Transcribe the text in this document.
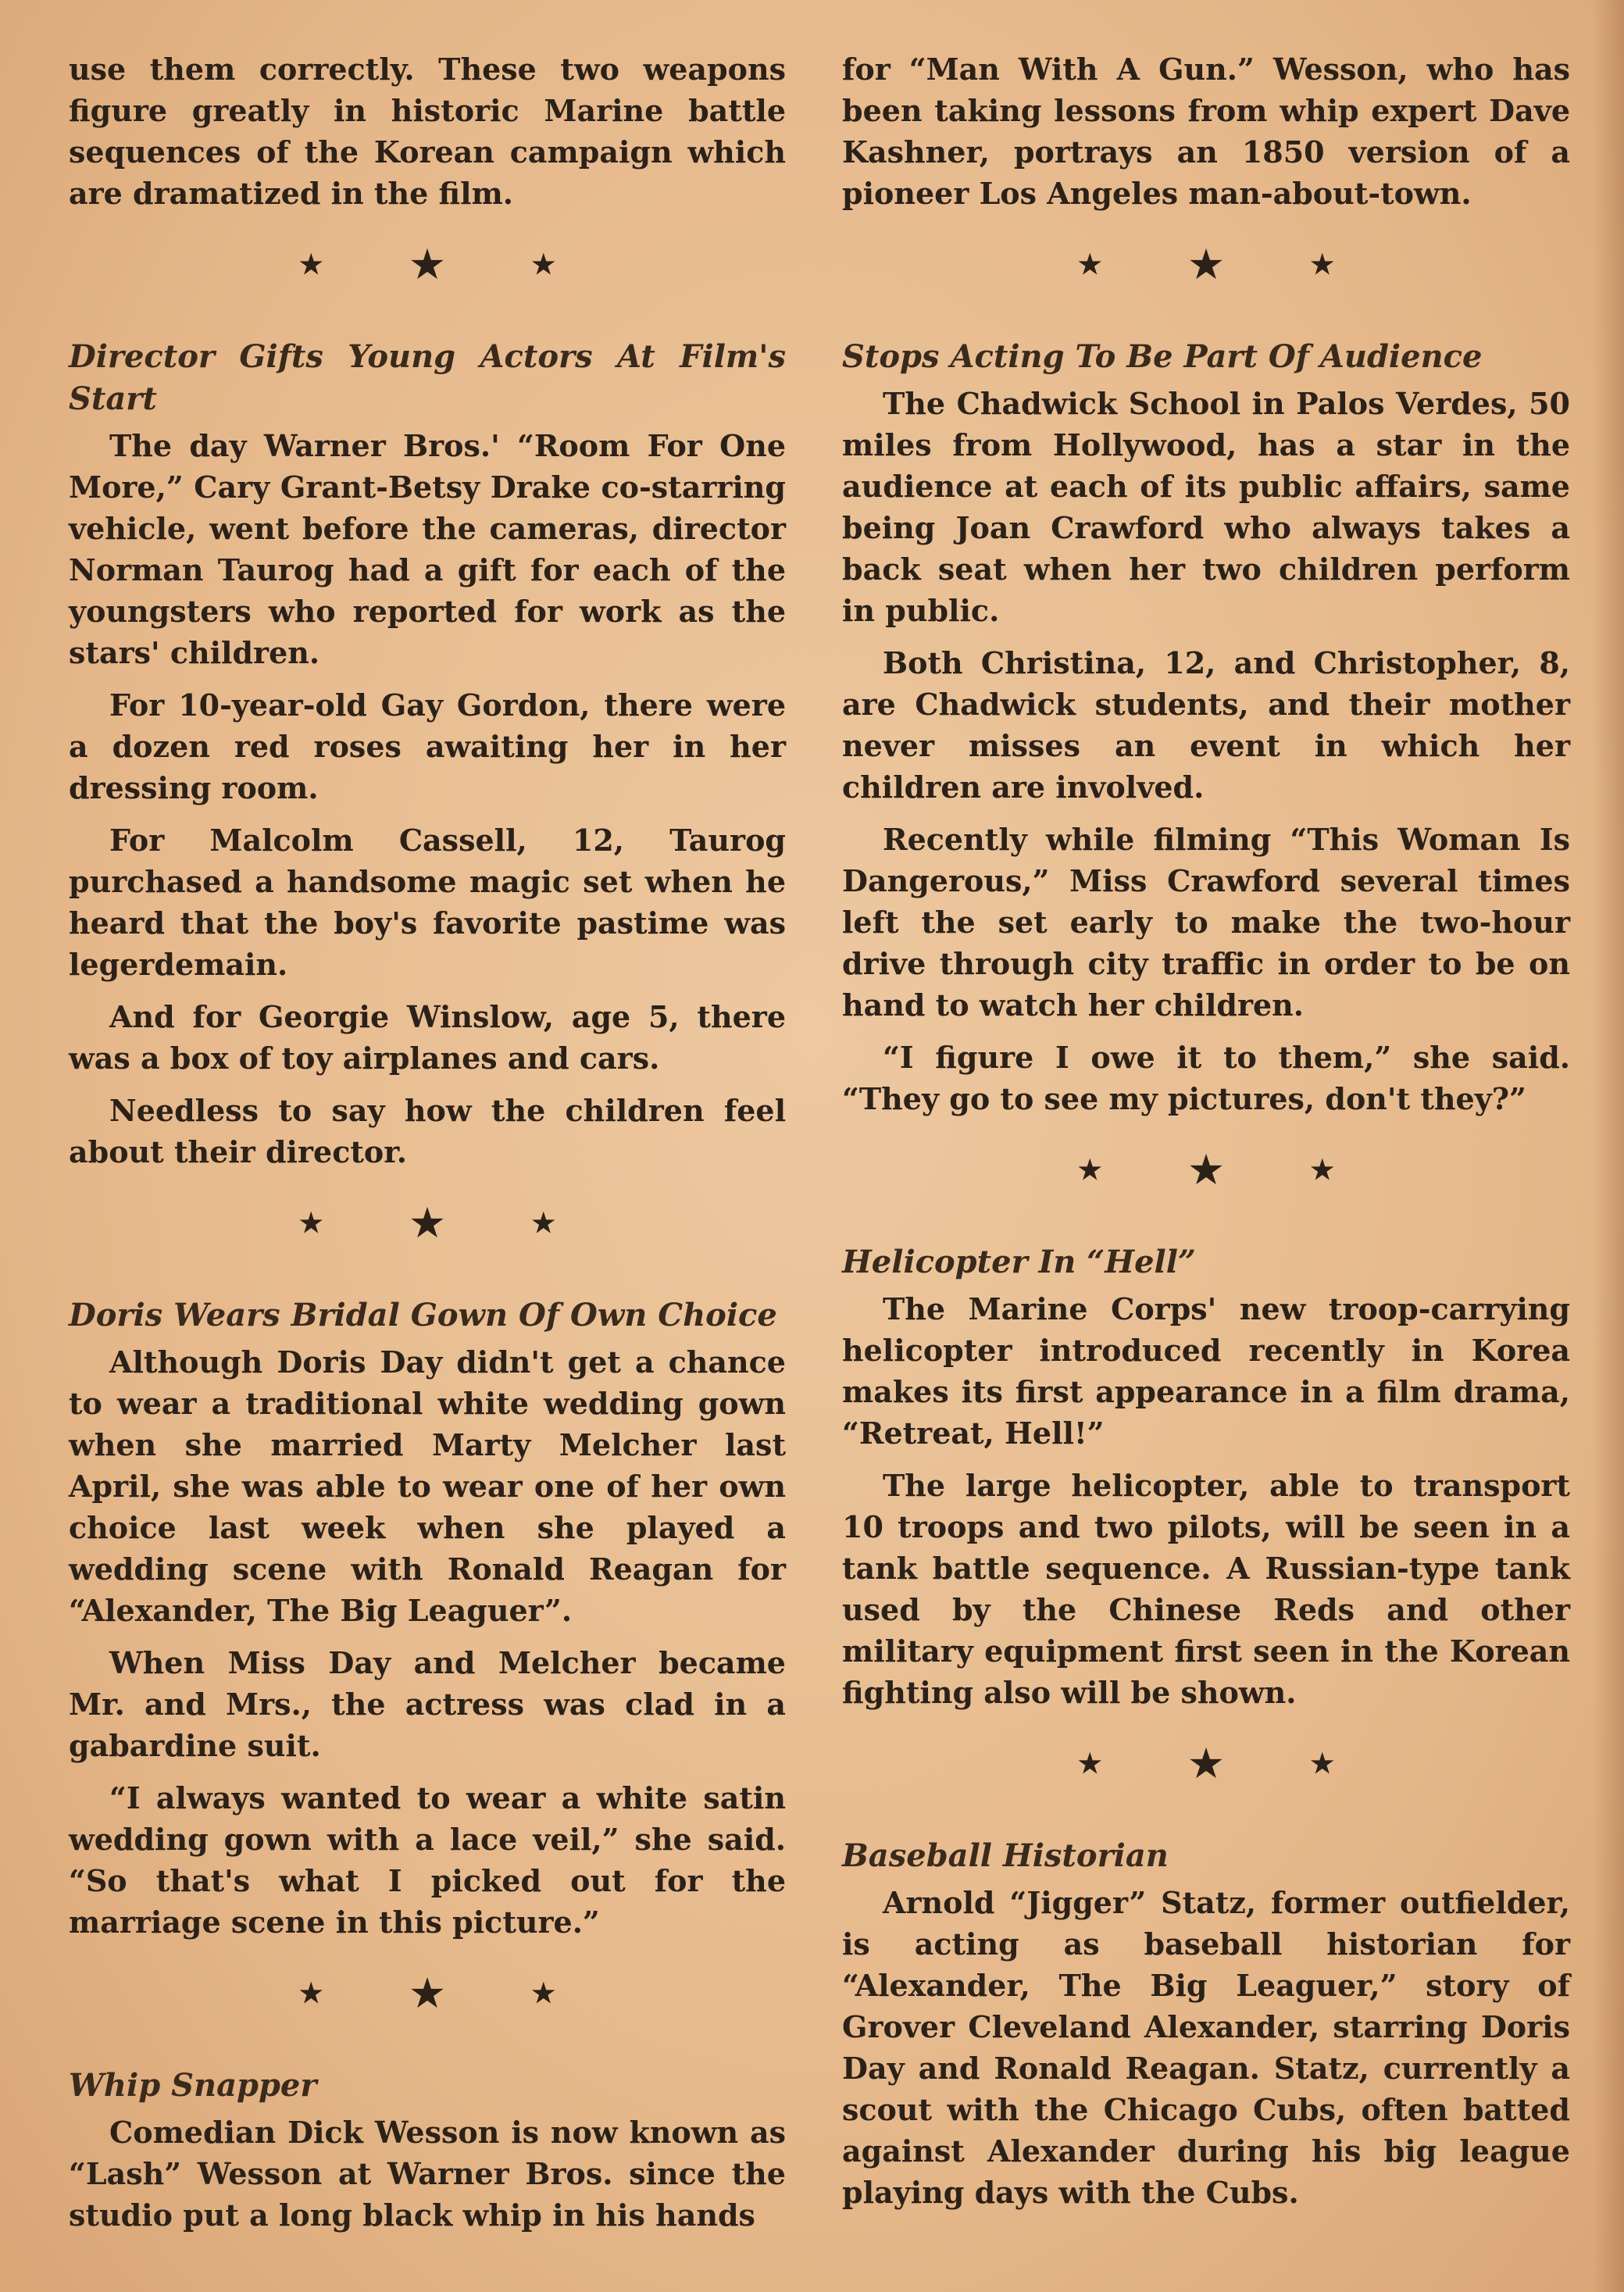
use them correctly. These two weapons figure greatly in historic Marine battle sequences of the Korean campaign which are dramatized in the film.

★ ★	★
Director Gifts Young Actors At Film's Start

The day Warner Bros.' “Room For One More,” Cary Grant-Betsy Drake co-starring vehicle, went before the cameras, director Norman Taurog had a gift for each of the youngsters who reported for work as the stars' children.

For 10-year-old Gay Gordon, there were a dozen red roses awaiting her in her dressing room.

For Malcolm Cassell, 12, Taurog purchased a handsome magic set when he heard that the boy's favorite pastime was legerdemain.

And for Georgie Winslow, age 5, there was a box of toy airplanes and cars.

Needless to say how the children feel about their director.

★ ★	★
Doris Wears Bridal Gown Of Own Choice

Although Doris Day didn't get a chance to wear a traditional white wedding gown when she married Marty Melcher last April, she was able to wear one of her own choice last week when she played a wedding scene with Ronald Reagan for “Alexander, The Big Leaguer”.

When Miss Day and Melcher became Mr. and Mrs., the actress was clad in a gabardine suit.

“I always wanted to wear a white satin wedding gown with a lace veil,” she said. “So that's what I picked out for the marriage scene in this picture.”

★ ★	★
Whip Snapper

Comedian Dick Wesson is now known as “Lash” Wesson at Warner Bros. since the studio put a long black whip in his hands

for “Man With A Gun.” Wesson, who has been taking lessons from whip expert Dave Kashner, portrays an 1850 version of a pioneer Los Angeles man-about-town.

★ ★	★
Stops Acting To Be Part Of Audience

The Chadwick School in Palos Verdes, 50 miles from Hollywood, has a star in the audience at each of its public affairs, same being Joan Crawford who always takes a back seat when her two children perform in public.

Both Christina, 12, and Christopher, 8, are Chadwick students, and their mother never misses an event in which her children are involved.

Recently while filming “This Woman Is Dangerous,” Miss Crawford several times left the set early to make the two-hour drive through city traffic in order to be on hand to watch her children.

“I figure I owe it to them,” she said. “They go to see my pictures, don't they?”

★ ★	★
Helicopter In “Hell”

The Marine Corps' new troop-carrying helicopter introduced recently in Korea makes its first appearance in a film drama, “Retreat, Hell!”

The large helicopter, able to transport 10 troops and two pilots, will be seen in a tank battle sequence. A Russian-type tank used by the Chinese Reds and other military equipment first seen in the Korean fighting also will be shown.

★ ★	★
Baseball Historian

Arnold “Jigger” Statz, former outfielder, is acting as baseball historian for “Alexander, The Big Leaguer,” story of Grover Cleveland Alexander, starring Doris Day and Ronald Reagan. Statz, currently a scout with the Chicago Cubs, often batted against Alexander during his big league playing days with the Cubs.
